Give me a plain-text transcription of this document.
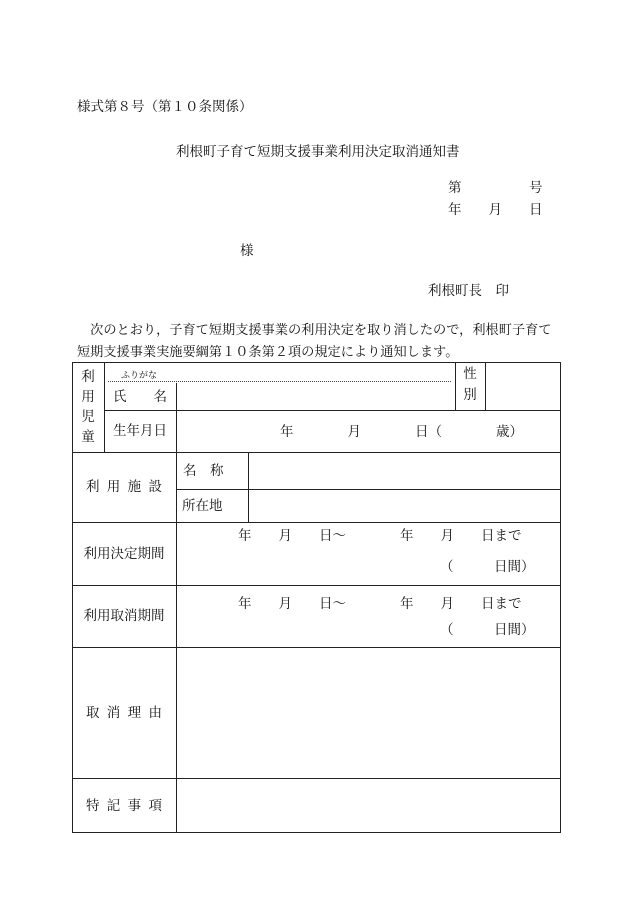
様式第８号（第１０条関係）
利根町子育て短期支援事業利用決定取消通知書
第　　　　　号
年　　月　　日
様
利根町長　印
　次のとおり，子育て短期支援事業の利用決定を取り消したので，利根町子育て
短期支援事業実施要綱第１０条第２項の規定により通知します。
利用児童
ふりがな
氏　　名
性別
生年月日	年　　　　月　　　　日（　　　　歳）
利 用 施 設
名　称
所在地
利用決定期間
年　　月　　日～　　　　年　　月　　日まで
（　　　日間）
利用取消期間
年　　月　　日～　　　　年　　月　　日まで
（　　　日間）
取 消 理 由
特 記 事 項
